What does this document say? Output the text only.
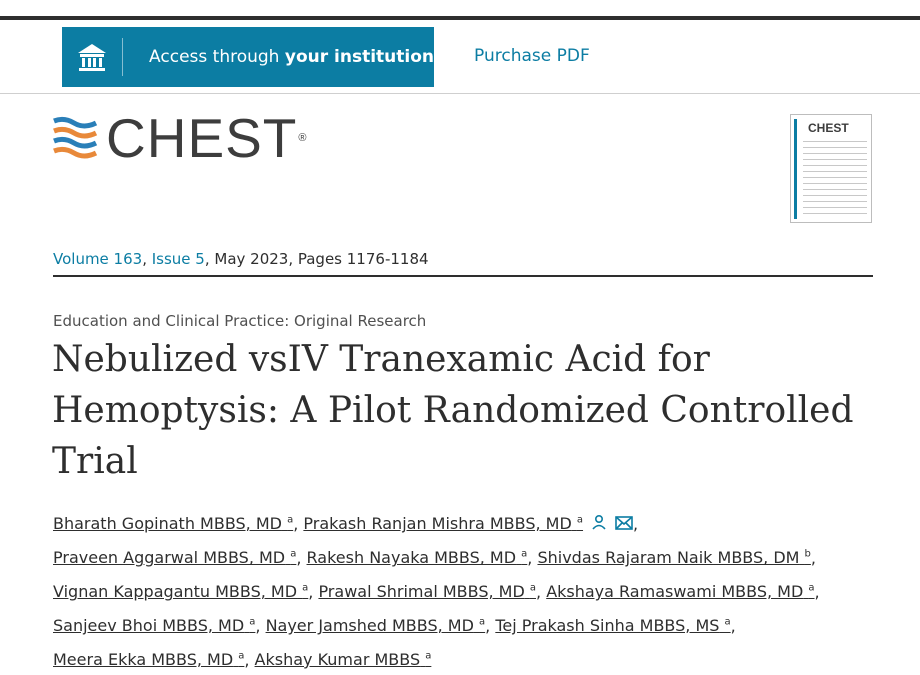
Access through your institution Purchase PDF
CHEST®
CHEST
Volume 163, Issue 5, May 2023, Pages 1176-1184
Education and Clinical Practice: Original Research
Nebulized vsIV Tranexamic Acid for Hemoptysis: A Pilot Randomized Controlled Trial
Bharath Gopinath MBBS, MD $^a$, Prakash Ranjan Mishra MBBS, MD $^a$	,
Praveen Aggarwal MBBS, MD $^a$, Rakesh Nayaka MBBS, MD $^a$, Shivdas Rajaram Naik MBBS, DM $^b$,
Vignan Kappagantu MBBS, MD $^a$, Prawal Shrimal MBBS, MD $^a$, Akshaya Ramaswami MBBS, MD $^a$,
Sanjeev Bhoi MBBS, MD $^a$, Nayer Jamshed MBBS, MD $^a$, Tej Prakash Sinha MBBS, MS $^a$,
Meera Ekka MBBS, MD $^a$, Akshay Kumar MBBS $^a$
